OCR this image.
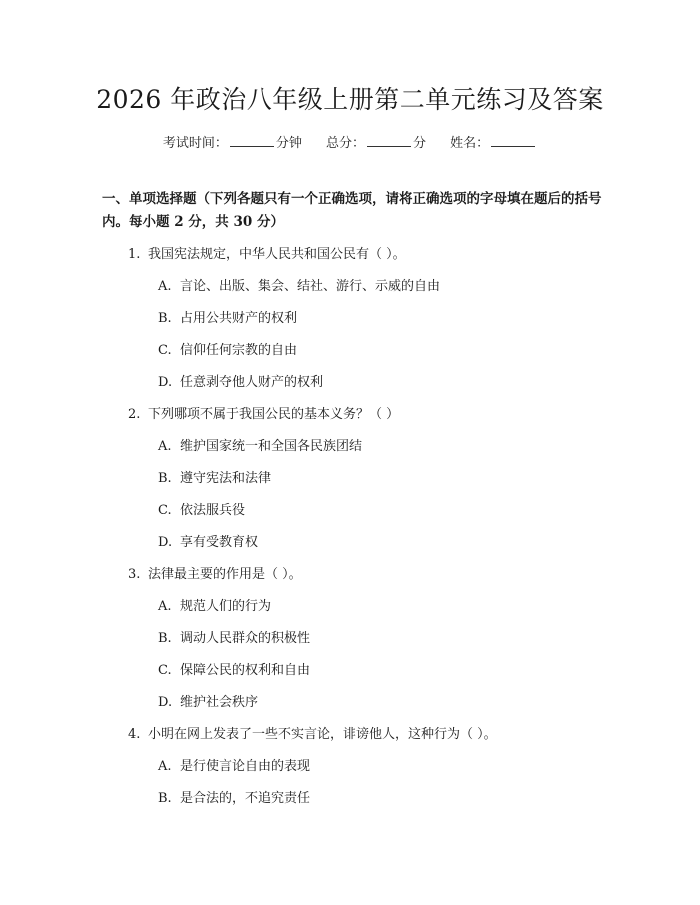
2026 年政治八年级上册第二单元练习及答案
考试时间：	分钟 总分：	分 姓名：
一、单项选择题（下列各题只有一个正确选项，请将正确选项的字母填在题后的括号内。每小题 2 分，共 30 分）
1. 我国宪法规定，中华人民共和国公民有（ ）。
A. 言论、出版、集会、结社、游行、示威的自由
B. 占用公共财产的权利
C. 信仰任何宗教的自由
D. 任意剥夺他人财产的权利
2. 下列哪项不属于我国公民的基本义务？（ ）
A. 维护国家统一和全国各民族团结
B. 遵守宪法和法律
C. 依法服兵役
D. 享有受教育权
3. 法律最主要的作用是（ ）。
A. 规范人们的行为
B. 调动人民群众的积极性
C. 保障公民的权利和自由
D. 维护社会秩序
4. 小明在网上发表了一些不实言论，诽谤他人，这种行为（ ）。
A. 是行使言论自由的表现
B. 是合法的，不追究责任
